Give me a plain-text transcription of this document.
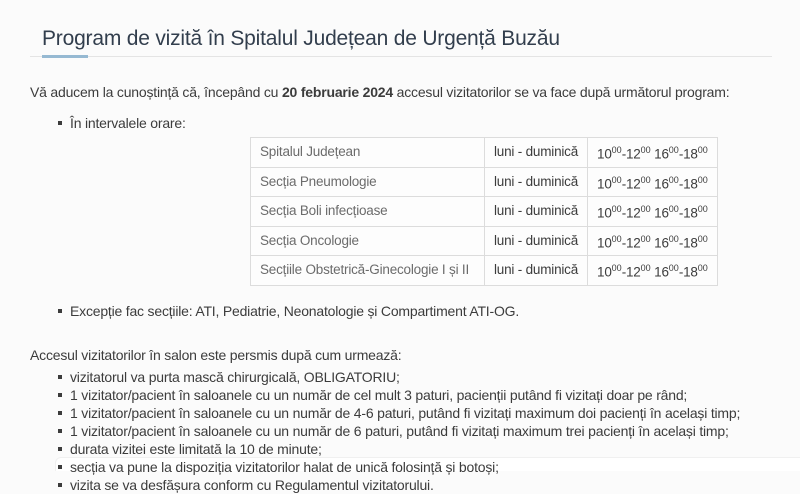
Program de vizită în Spitalul Județean de Urgență Buzău

Vă aducem la cunoștință că, începând cu 20 februarie 2024 accesul vizitatorilor se va face după următorul program:

În intervalele orare:
Spitalul Județean	luni - duminică	$10^{00}-12^{00}$ $16^{00}-18^{00}$
Secția Pneumologie	luni - duminică	$10^{00}-12^{00}$ $16^{00}-18^{00}$
Secția Boli infecțioase	luni - duminică	$10^{00}-12^{00}$ $16^{00}-18^{00}$
Secția Oncologie	luni - duminică	$10^{00}-12^{00}$ $16^{00}-18^{00}$
Secțiile Obstetrică-Ginecologie I și II	luni - duminică	$10^{00}-12^{00}$ $16^{00}-18^{00}$
Excepție fac secțiile: ATI, Pediatrie, Neonatologie și Compartiment ATI-OG.

Accesul vizitatorilor în salon este persmis după cum urmează:

vizitatorul va purta mască chirurgicală, OBLIGATORIU;
1 vizitator/pacient în saloanele cu un număr de cel mult 3 paturi, pacienții putând fi vizitați doar pe rând;
1 vizitator/pacient în saloanele cu un număr de 4-6 paturi, putând fi vizitați maximum doi pacienți în același timp;
1 vizitator/pacient în saloanele cu un număr de 6 paturi, putând fi vizitați maximum trei pacienți în același timp;
durata vizitei este limitată la 10 de minute;
secția va pune la dispoziția vizitatorilor halat de unică folosință și botoși;
vizita se va desfășura conform cu Regulamentul vizitatorului.
